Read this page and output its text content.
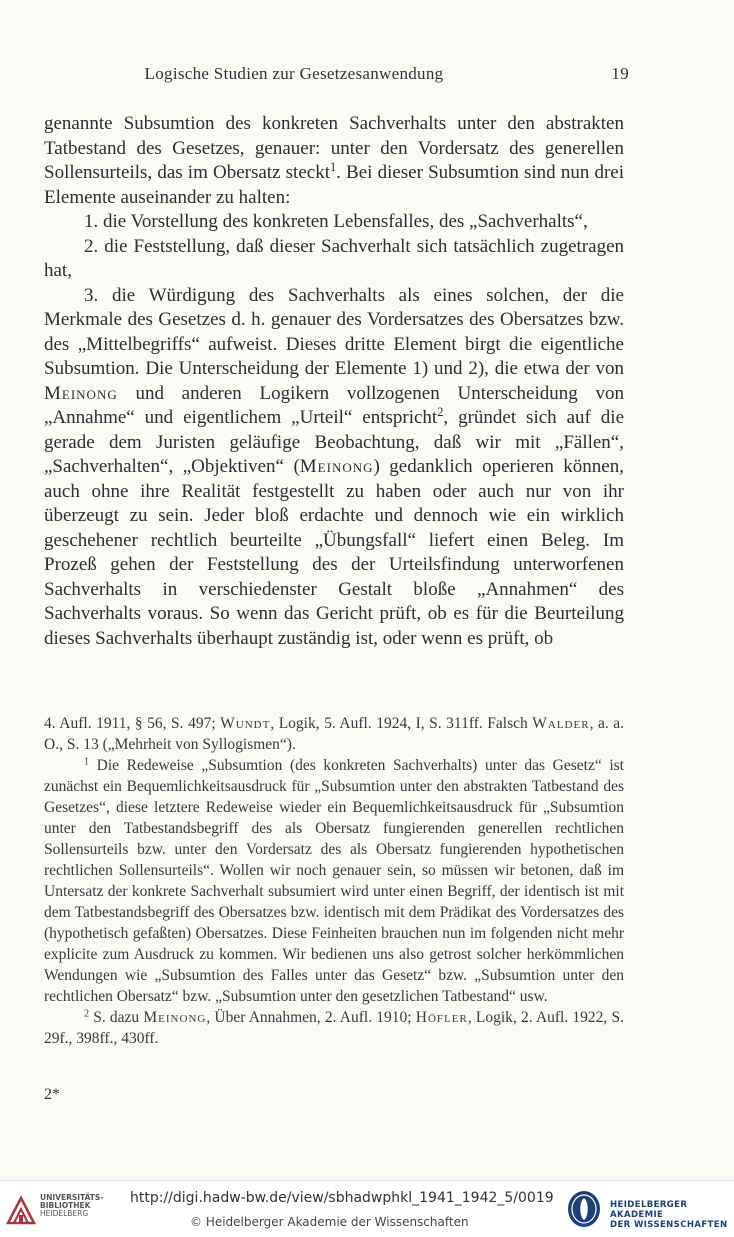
Logische Studien zur Gesetzesanwendung	19

genannte Subsumtion des konkreten Sachverhalts unter den abstrakten Tatbestand des Gesetzes, genauer: unter den Vordersatz des generellen Sollensurteils, das im Obersatz steckt$^1$. Bei dieser Subsumtion sind nun drei Elemente auseinander zu halten:

1. die Vorstellung des konkreten Lebensfalles, des „Sachverhalts“,

2. die Feststellung, daß dieser Sachverhalt sich tatsächlich zugetragen hat,

3. die Würdigung des Sachverhalts als eines solchen, der die Merkmale des Gesetzes d. h. genauer des Vordersatzes des Obersatzes bzw. des „Mittelbegriffs“ aufweist. Dieses dritte Element birgt die eigentliche Subsumtion. Die Unterscheidung der Elemente 1) und 2), die etwa der von Meinong und anderen Logikern vollzogenen Unterscheidung von „Annahme“ und eigentlichem „Urteil“ entspricht$^2$, gründet sich auf die gerade dem Juristen geläufige Beobachtung, daß wir mit „Fällen“, „Sachverhalten“, „Objektiven“ (Meinong) gedanklich operieren können, auch ohne ihre Realität festgestellt zu haben oder auch nur von ihr überzeugt zu sein. Jeder bloß erdachte und dennoch wie ein wirklich geschehener rechtlich beurteilte „Übungsfall“ liefert einen Beleg. Im Prozeß gehen der Feststellung des der Urteilsfindung unterworfenen Sachverhalts in verschiedenster Gestalt bloße „Annahmen“ des Sachverhalts voraus. So wenn das Gericht prüft, ob es für die Beurteilung dieses Sachverhalts überhaupt zuständig ist, oder wenn es prüft, ob

4. Aufl. 1911, § 56, S. 497; Wundt, Logik, 5. Aufl. 1924, I, S. 311ff. Falsch Walder, a. a. O., S. 13 („Mehrheit von Syllogismen“).

$^1$ Die Redeweise „Subsumtion (des konkreten Sachverhalts) unter das Gesetz“ ist zunächst ein Bequemlichkeitsausdruck für „Subsumtion unter den abstrakten Tatbestand des Gesetzes“, diese letztere Redeweise wieder ein Bequemlichkeitsausdruck für „Subsumtion unter den Tatbestandsbegriff des als Obersatz fungierenden generellen rechtlichen Sollensurteils bzw. unter den Vordersatz des als Obersatz fungierenden hypothetischen rechtlichen Sollensurteils“. Wollen wir noch genauer sein, so müssen wir betonen, daß im Untersatz der konkrete Sachverhalt subsumiert wird unter einen Begriff, der identisch ist mit dem Tatbestandsbegriff des Obersatzes bzw. identisch mit dem Prädikat des Vordersatzes des (hypothetisch gefaßten) Obersatzes. Diese Feinheiten brauchen nun im folgenden nicht mehr explicite zum Ausdruck zu kommen. Wir bedienen uns also getrost solcher herkömmlichen Wendungen wie „Subsumtion des Falles unter das Gesetz“ bzw. „Subsumtion unter den rechtlichen Obersatz“ bzw. „Subsumtion unter den gesetzlichen Tatbestand“ usw.

$^2$ S. dazu Meinong, Über Annahmen, 2. Aufl. 1910; Höfler, Logik, 2. Aufl. 1922, S. 29f., 398ff., 430ff.

2*
UNIVERSITÄTS-
BIBLIOTHEK
HEIDELBERG
http://digi.hadw-bw.de/view/sbhadwphkl_1941_1942_5/0019
© Heidelberger Akademie der Wissenschaften
HEIDELBERGER AKADEMIE
DER WISSENSCHAFTEN
